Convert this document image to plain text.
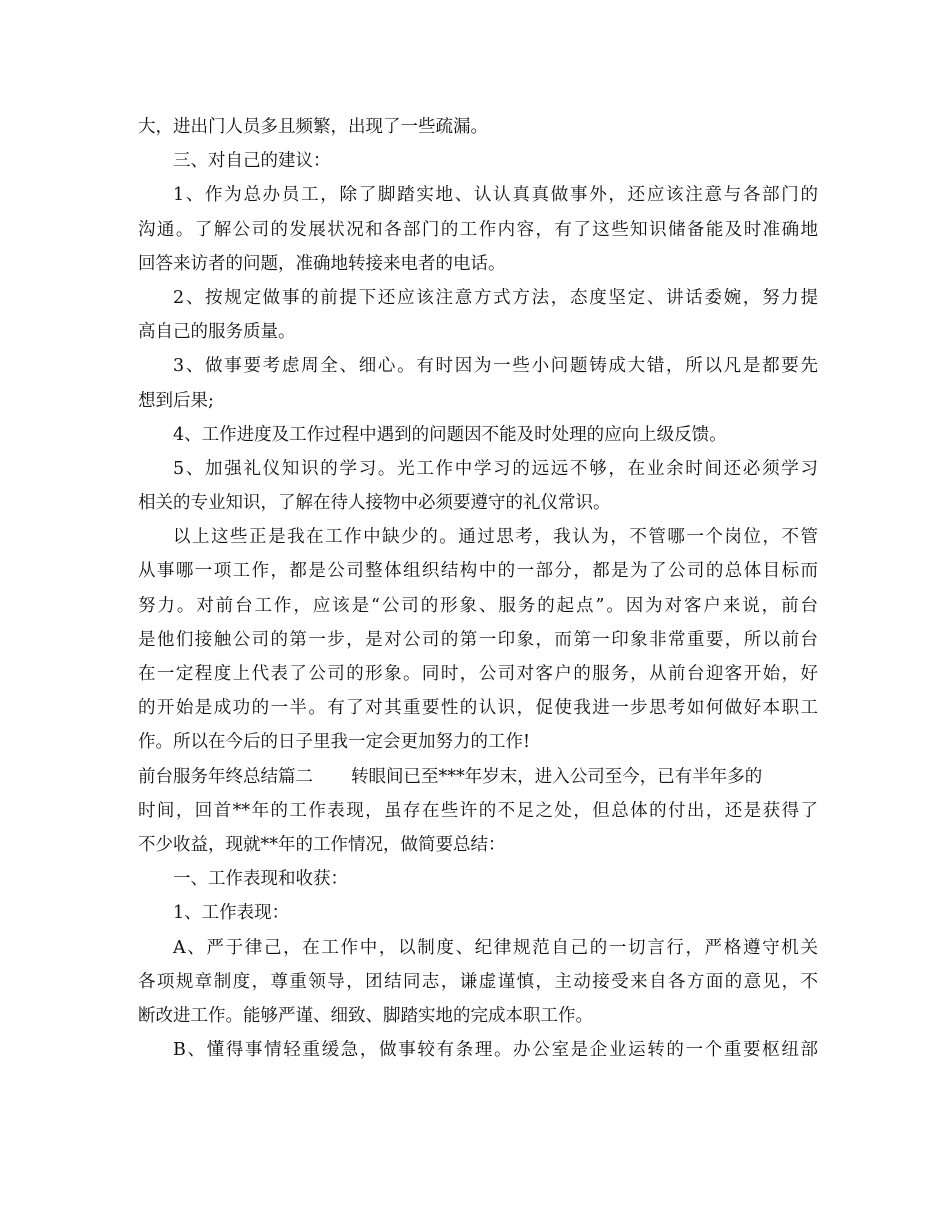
大，进出门人员多且频繁，出现了一些疏漏。
三、对自己的建议：
1、作为总办员工，除了脚踏实地、认认真真做事外，还应该注意与各部门的
沟通。了解公司的发展状况和各部门的工作内容，有了这些知识储备能及时准确地
回答来访者的问题，准确地转接来电者的电话。
2、按规定做事的前提下还应该注意方式方法，态度坚定、讲话委婉，努力提
高自己的服务质量。
3、做事要考虑周全、细心。有时因为一些小问题铸成大错，所以凡是都要先
想到后果;
4、工作进度及工作过程中遇到的问题因不能及时处理的应向上级反馈。
5、加强礼仪知识的学习。光工作中学习的远远不够，在业余时间还必须学习
相关的专业知识，了解在待人接物中必须要遵守的礼仪常识。
以上这些正是我在工作中缺少的。通过思考，我认为，不管哪一个岗位，不管
从事哪一项工作，都是公司整体组织结构中的一部分，都是为了公司的总体目标而
努力。对前台工作，应该是“公司的形象、服务的起点”。因为对客户来说，前台
是他们接触公司的第一步，是对公司的第一印象，而第一印象非常重要，所以前台
在一定程度上代表了公司的形象。同时，公司对客户的服务，从前台迎客开始，好
的开始是成功的一半。有了对其重要性的认识，促使我进一步思考如何做好本职工
作。所以在今后的日子里我一定会更加努力的工作!
前台服务年终总结篇二 转眼间已至***年岁末，进入公司至今，已有半年多的
时间，回首**年的工作表现，虽存在些许的不足之处，但总体的付出，还是获得了
不少收益，现就**年的工作情况，做简要总结：
一、工作表现和收获：
1、工作表现：
A、严于律己，在工作中，以制度、纪律规范自己的一切言行，严格遵守机关
各项规章制度，尊重领导，团结同志，谦虚谨慎，主动接受来自各方面的意见，不
断改进工作。能够严谨、细致、脚踏实地的完成本职工作。
B、懂得事情轻重缓急，做事较有条理。办公室是企业运转的一个重要枢纽部
